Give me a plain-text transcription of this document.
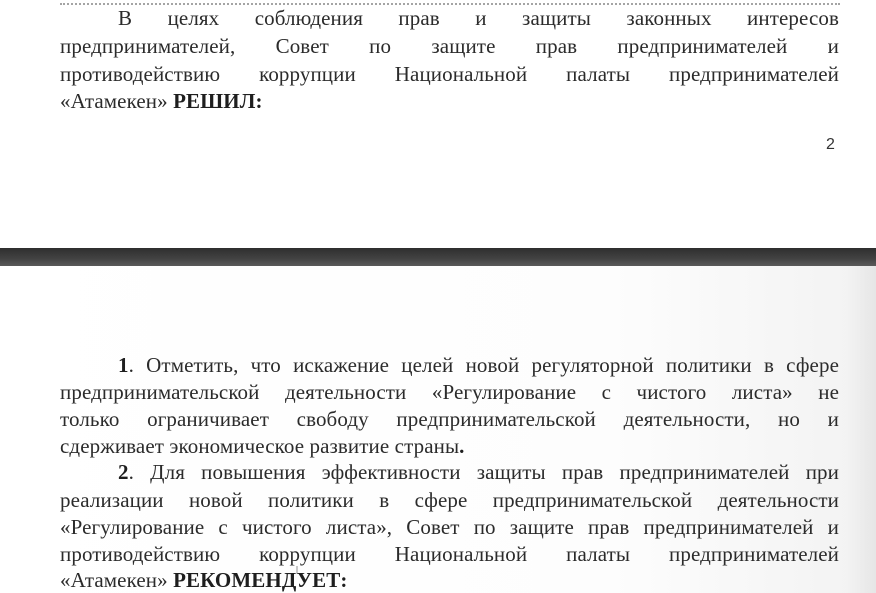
В целях соблюдения прав и защиты законных интересов
предпринимателей, Совет по защите прав предпринимателей и
противодействию коррупции Национальной палаты предпринимателей
«Атамекен» РЕШИЛ:
2
1. Отметить, что искажение целей новой регуляторной политики в сфере
предпринимательской деятельности «Регулирование с чистого листа» не
только ограничивает свободу предпринимательской деятельности, но и
сдерживает экономическое развитие страны.
2. Для повышения эффективности защиты прав предпринимателей при
реализации новой политики в сфере предпринимательской деятельности
«Регулирование с чистого листа», Совет по защите прав предпринимателей и
противодействию коррупции Национальной палаты предпринимателей
«Атамекен» РЕКОМЕНДУЕТ:
